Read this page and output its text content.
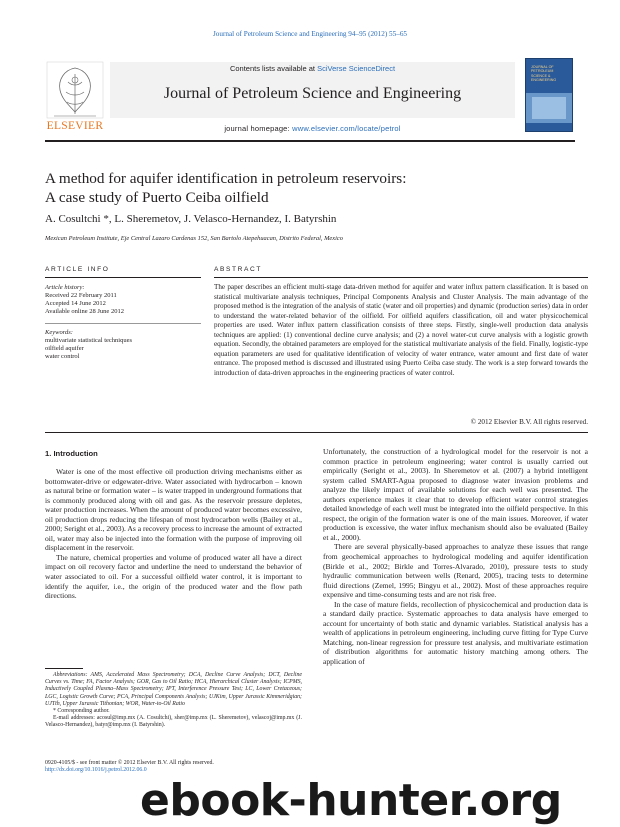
Journal of Petroleum Science and Engineering 94–95 (2012) 55–65
ELSEVIER
Contents lists available at SciVerse ScienceDirect
Journal of Petroleum Science and Engineering
journal homepage: www.elsevier.com/locate/petrol
JOURNAL OF PETROLEUM SCIENCE & ENGINEERING
A method for aquifer identification in petroleum reservoirs:
A case study of Puerto Ceiba oilfield
A. Cosultchi *, L. Sheremetov, J. Velasco-Hernandez, I. Batyrshin
Mexican Petroleum Institute, Eje Central Lazaro Cardenas 152, San Bartolo Atepehuacan, Distrito Federal, Mexico
ARTICLE INFO	ABSTRACT
Article history:
Received 22 February 2011
Accepted 14 June 2012
Available online 28 June 2012
Keywords:
multivariate statistical techniques
oilfield aquifer
water control
The paper describes an efficient multi-stage data-driven method for aquifer and water influx pattern classification. It is based on statistical multivariate analysis techniques, Principal Components Analysis and Cluster Analysis. The main advantage of the proposed method is the integration of the analysis of static (water and oil properties) and dynamic (production series) data in order to understand the water-related behavior of the oilfield. For oilfield aquifers classification, oil and water physicochemical properties are used. Water influx pattern classification consists of three steps. Firstly, single-well production data analysis techniques are applied: (1) conventional decline curve analysis; and (2) a novel water-cut curve analysis with a logistic growth equation. Secondly, the obtained parameters are employed for the statistical multivariate analysis of the field. Finally, logistic-type equation parameters are used for qualitative identification of velocity of water entrance, water amount and first date of water entrance. The proposed method is discussed and illustrated using Puerto Ceiba case study. The work is a step forward towards the introduction of data-driven approaches in the engineering practices of water control.
© 2012 Elsevier B.V. All rights reserved.
1. Introduction

Water is one of the most effective oil production driving mechanisms either as bottomwater-drive or edgewater-drive. Water associated with hydrocarbon – known as natural brine or formation water – is water trapped in underground formations that is commonly produced along with oil and gas. As the reservoir pressure depletes, water production increases. When the amount of produced water becomes excessive, oil production drops reducing the lifespan of most hydrocarbon wells (Bailey et al., 2000; Seright et al., 2003). As a recovery process to increase the amount of extracted oil, water may also be injected into the formation with the purpose of improving oil displacement in the reservoir.

The nature, chemical properties and volume of produced water all have a direct impact on oil recovery factor and underline the need to understand the behavior of water associated to oil. For a successful oilfield water control, it is important to identify the aquifer, i.e., the origin of the produced water and the flow path directions.

Abbreviations: AMS, Accelerated Mass Spectrometry; DCA, Decline Curve Analysis; DCT, Decline Curves vs. Time; FA, Factor Analysis; GOR, Gas to Oil Ratio; HCA, Hierarchical Cluster Analysis; ICPMS, Inductively Coupled Plasma–Mass Spectrometry; IPT, Interference Pressure Test; LC, Lower Cretaceous; LGC, Logistic Growth Curve; PCA, Principal Components Analysis; UJKim, Upper Jurassic Kimmeridgian; UJTth, Upper Jurassic Tithonian; WOR, Water-to-Oil Ratio

* Corresponding author.

E-mail addresses: acosul@imp.mx (A. Cosultchi), sher@imp.mx (L. Sheremetov), velascoj@imp.mx (J. Velasco-Hernandez), batyr@imp.mx (I. Batyrshin).

0920-4105/$ - see front matter © 2012 Elsevier B.V. All rights reserved.
http://dx.doi.org/10.1016/j.petrol.2012.06.0

Unfortunately, the construction of a hydrological model for the reservoir is not a common practice in petroleum engineering; water control is usually carried out empirically (Seright et al., 2003). In Sheremetov et al. (2007) a hybrid intelligent system called SMART-Agua proposed to diagnose water invasion problems and analyze the likely impact of available solutions for each well was presented. The authors experience makes it clear that to develop efficient water control strategies detailed knowledge of each well must be integrated into the oilfield perspective. In this respect, the origin of the formation water is one of the main issues. Moreover, if water production is excessive, the water influx mechanism should also be evaluated (Bailey et al., 2000).

There are several physically-based approaches to analyze these issues that range from geochemical approaches to hydrological modeling and aquifer identification (Birkle et al., 2002; Birkle and Torres-Alvarado, 2010), pressure tests to study hydraulic communication between wells (Renard, 2005), tracing tests to determine fluid directions (Zemel, 1995; Bingyu et al., 2002). Most of these approaches require expensive and time-consuming tests and are not risk free.

In the case of mature fields, recollection of physicochemical and production data is a standard daily practice. Systematic approaches to data analysis have emerged to account for uncertainty of both static and dynamic variables. Statistical analysis has a wealth of applications in petroleum engineering, including curve fitting for Type Curve Matching, non-linear regression for pressure test analysis, and multivariate estimation of distribution algorithms for automatic history matching among others. The application of

ebook-hunter.org
